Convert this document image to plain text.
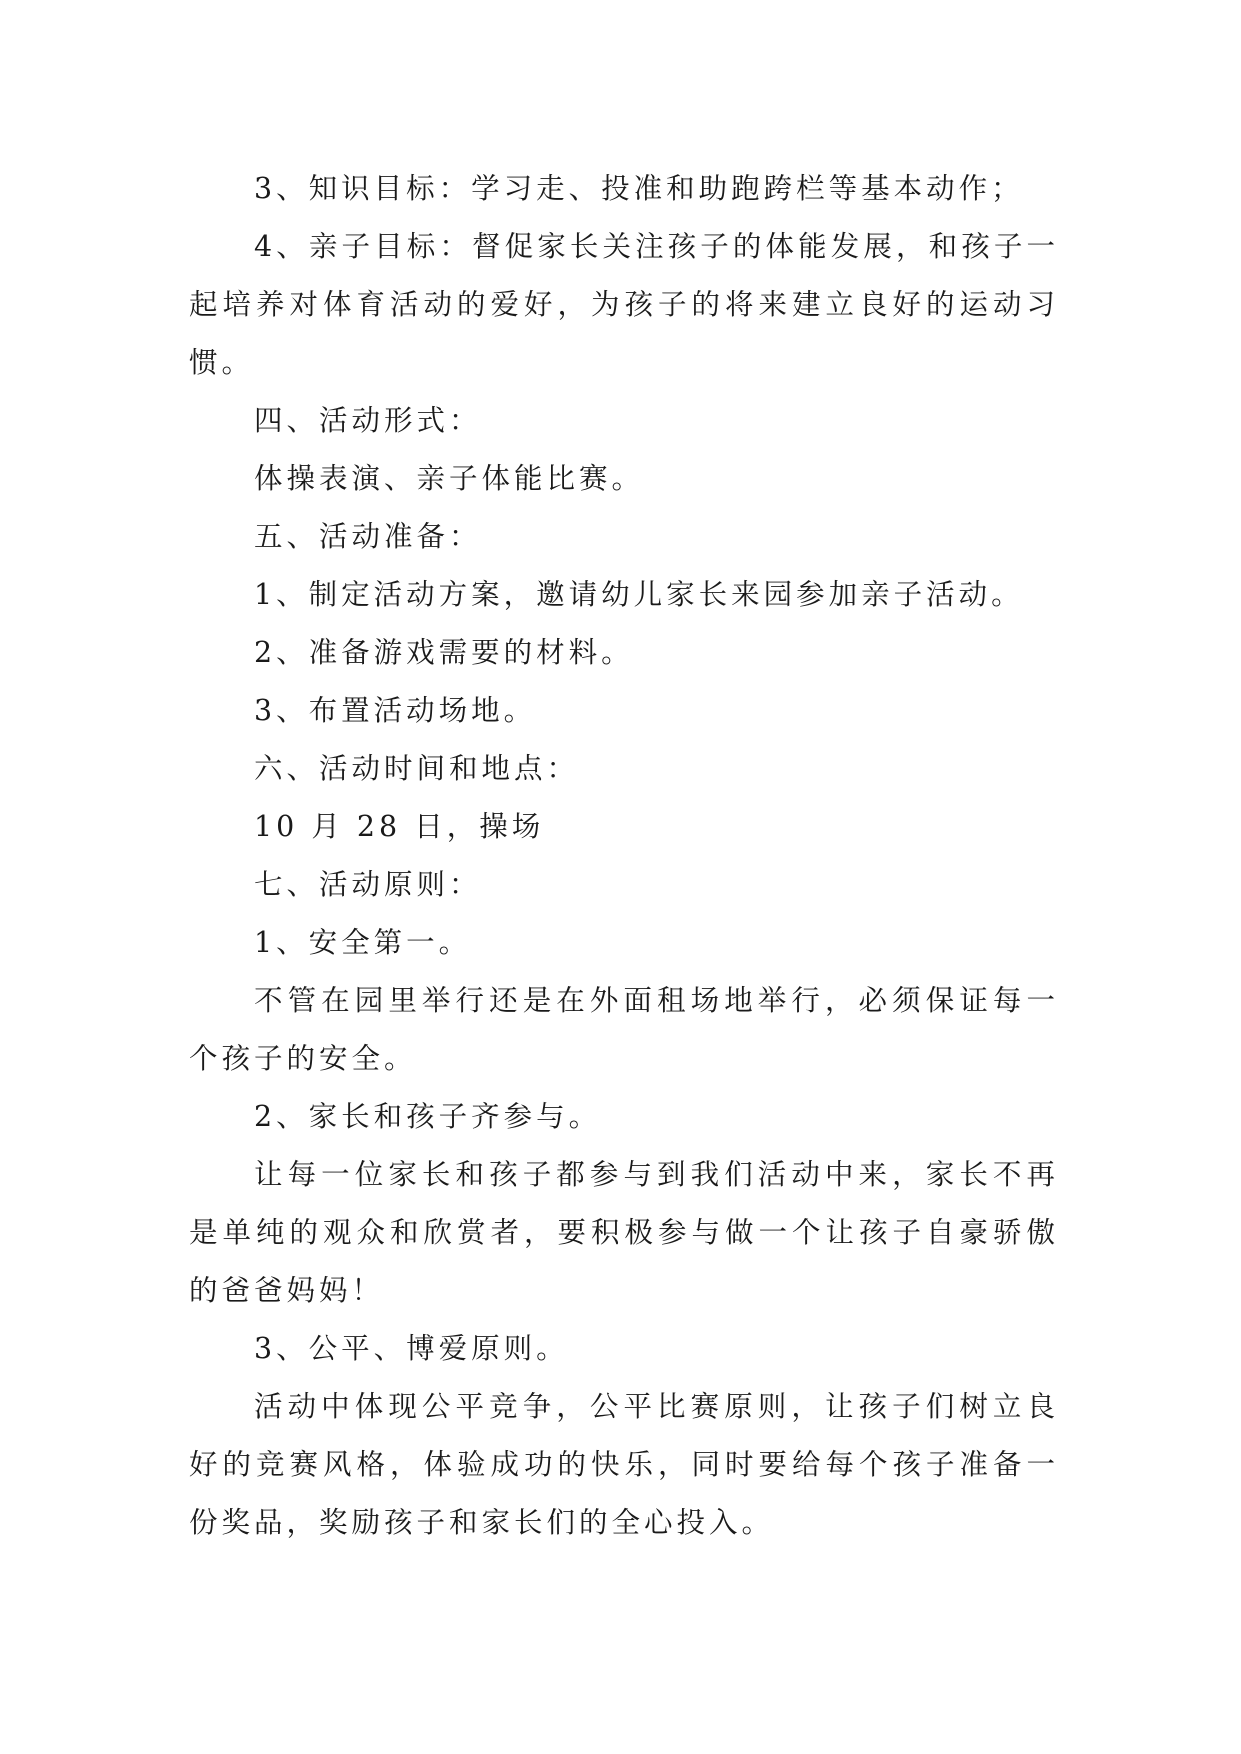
3、知识目标：学习走、投准和助跑跨栏等基本动作；

4、亲子目标：督促家长关注孩子的体能发展，和孩子一起培养对体育活动的爱好，为孩子的将来建立良好的运动习惯。

四、活动形式：

体操表演、亲子体能比赛。

五、活动准备：

1、制定活动方案，邀请幼儿家长来园参加亲子活动。

2、准备游戏需要的材料。

3、布置活动场地。

六、活动时间和地点：

10 月 28 日，操场

七、活动原则：

1、安全第一。

不管在园里举行还是在外面租场地举行，必须保证每一个孩子的安全。

2、家长和孩子齐参与。

让每一位家长和孩子都参与到我们活动中来，家长不再是单纯的观众和欣赏者，要积极参与做一个让孩子自豪骄傲的爸爸妈妈！

3、公平、博爱原则。

活动中体现公平竞争，公平比赛原则，让孩子们树立良好的竞赛风格，体验成功的快乐，同时要给每个孩子准备一份奖品，奖励孩子和家长们的全心投入。
